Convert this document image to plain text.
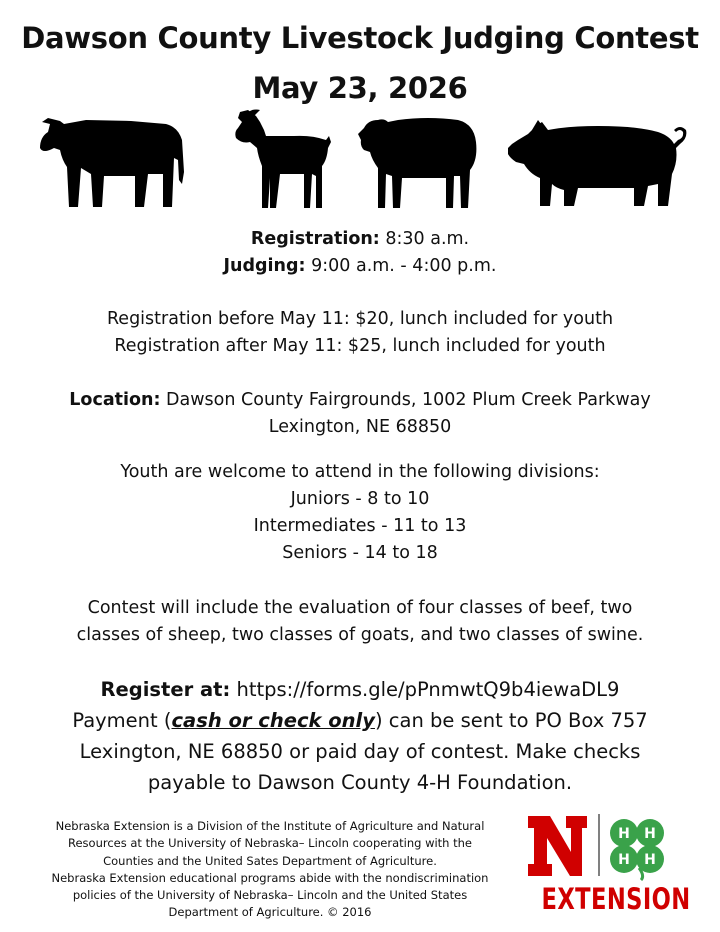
Dawson County Livestock Judging Contest
May 23, 2026
Registration: 8:30 a.m.
Judging: 9:00 a.m. - 4:00 p.m.
Registration before May 11: $20, lunch included for youth
Registration after May 11: $25, lunch included for youth
Location: Dawson County Fairgrounds, 1002 Plum Creek Parkway
Lexington, NE 68850
Youth are welcome to attend in the following divisions:
Juniors - 8 to 10
Intermediates - 11 to 13
Seniors - 14 to 18
Contest will include the evaluation of four classes of beef, two
classes of sheep, two classes of goats, and two classes of swine.
Register at: https://forms.gle/pPnmwtQ9b4iewaDL9
Payment (cash or check only) can be sent to PO Box 757
Lexington, NE 68850 or paid day of contest. Make checks
payable to Dawson County 4-H Foundation.
Nebraska Extension is a Division of the Institute of Agriculture and Natural
Resources at the University of Nebraska– Lincoln cooperating with the
Counties and the United Sates Department of Agriculture.
Nebraska Extension educational programs abide with the nondiscrimination
policies of the University of Nebraska– Lincoln and the United States
Department of Agriculture. © 2016
N
H H
H H
EXTENSION
